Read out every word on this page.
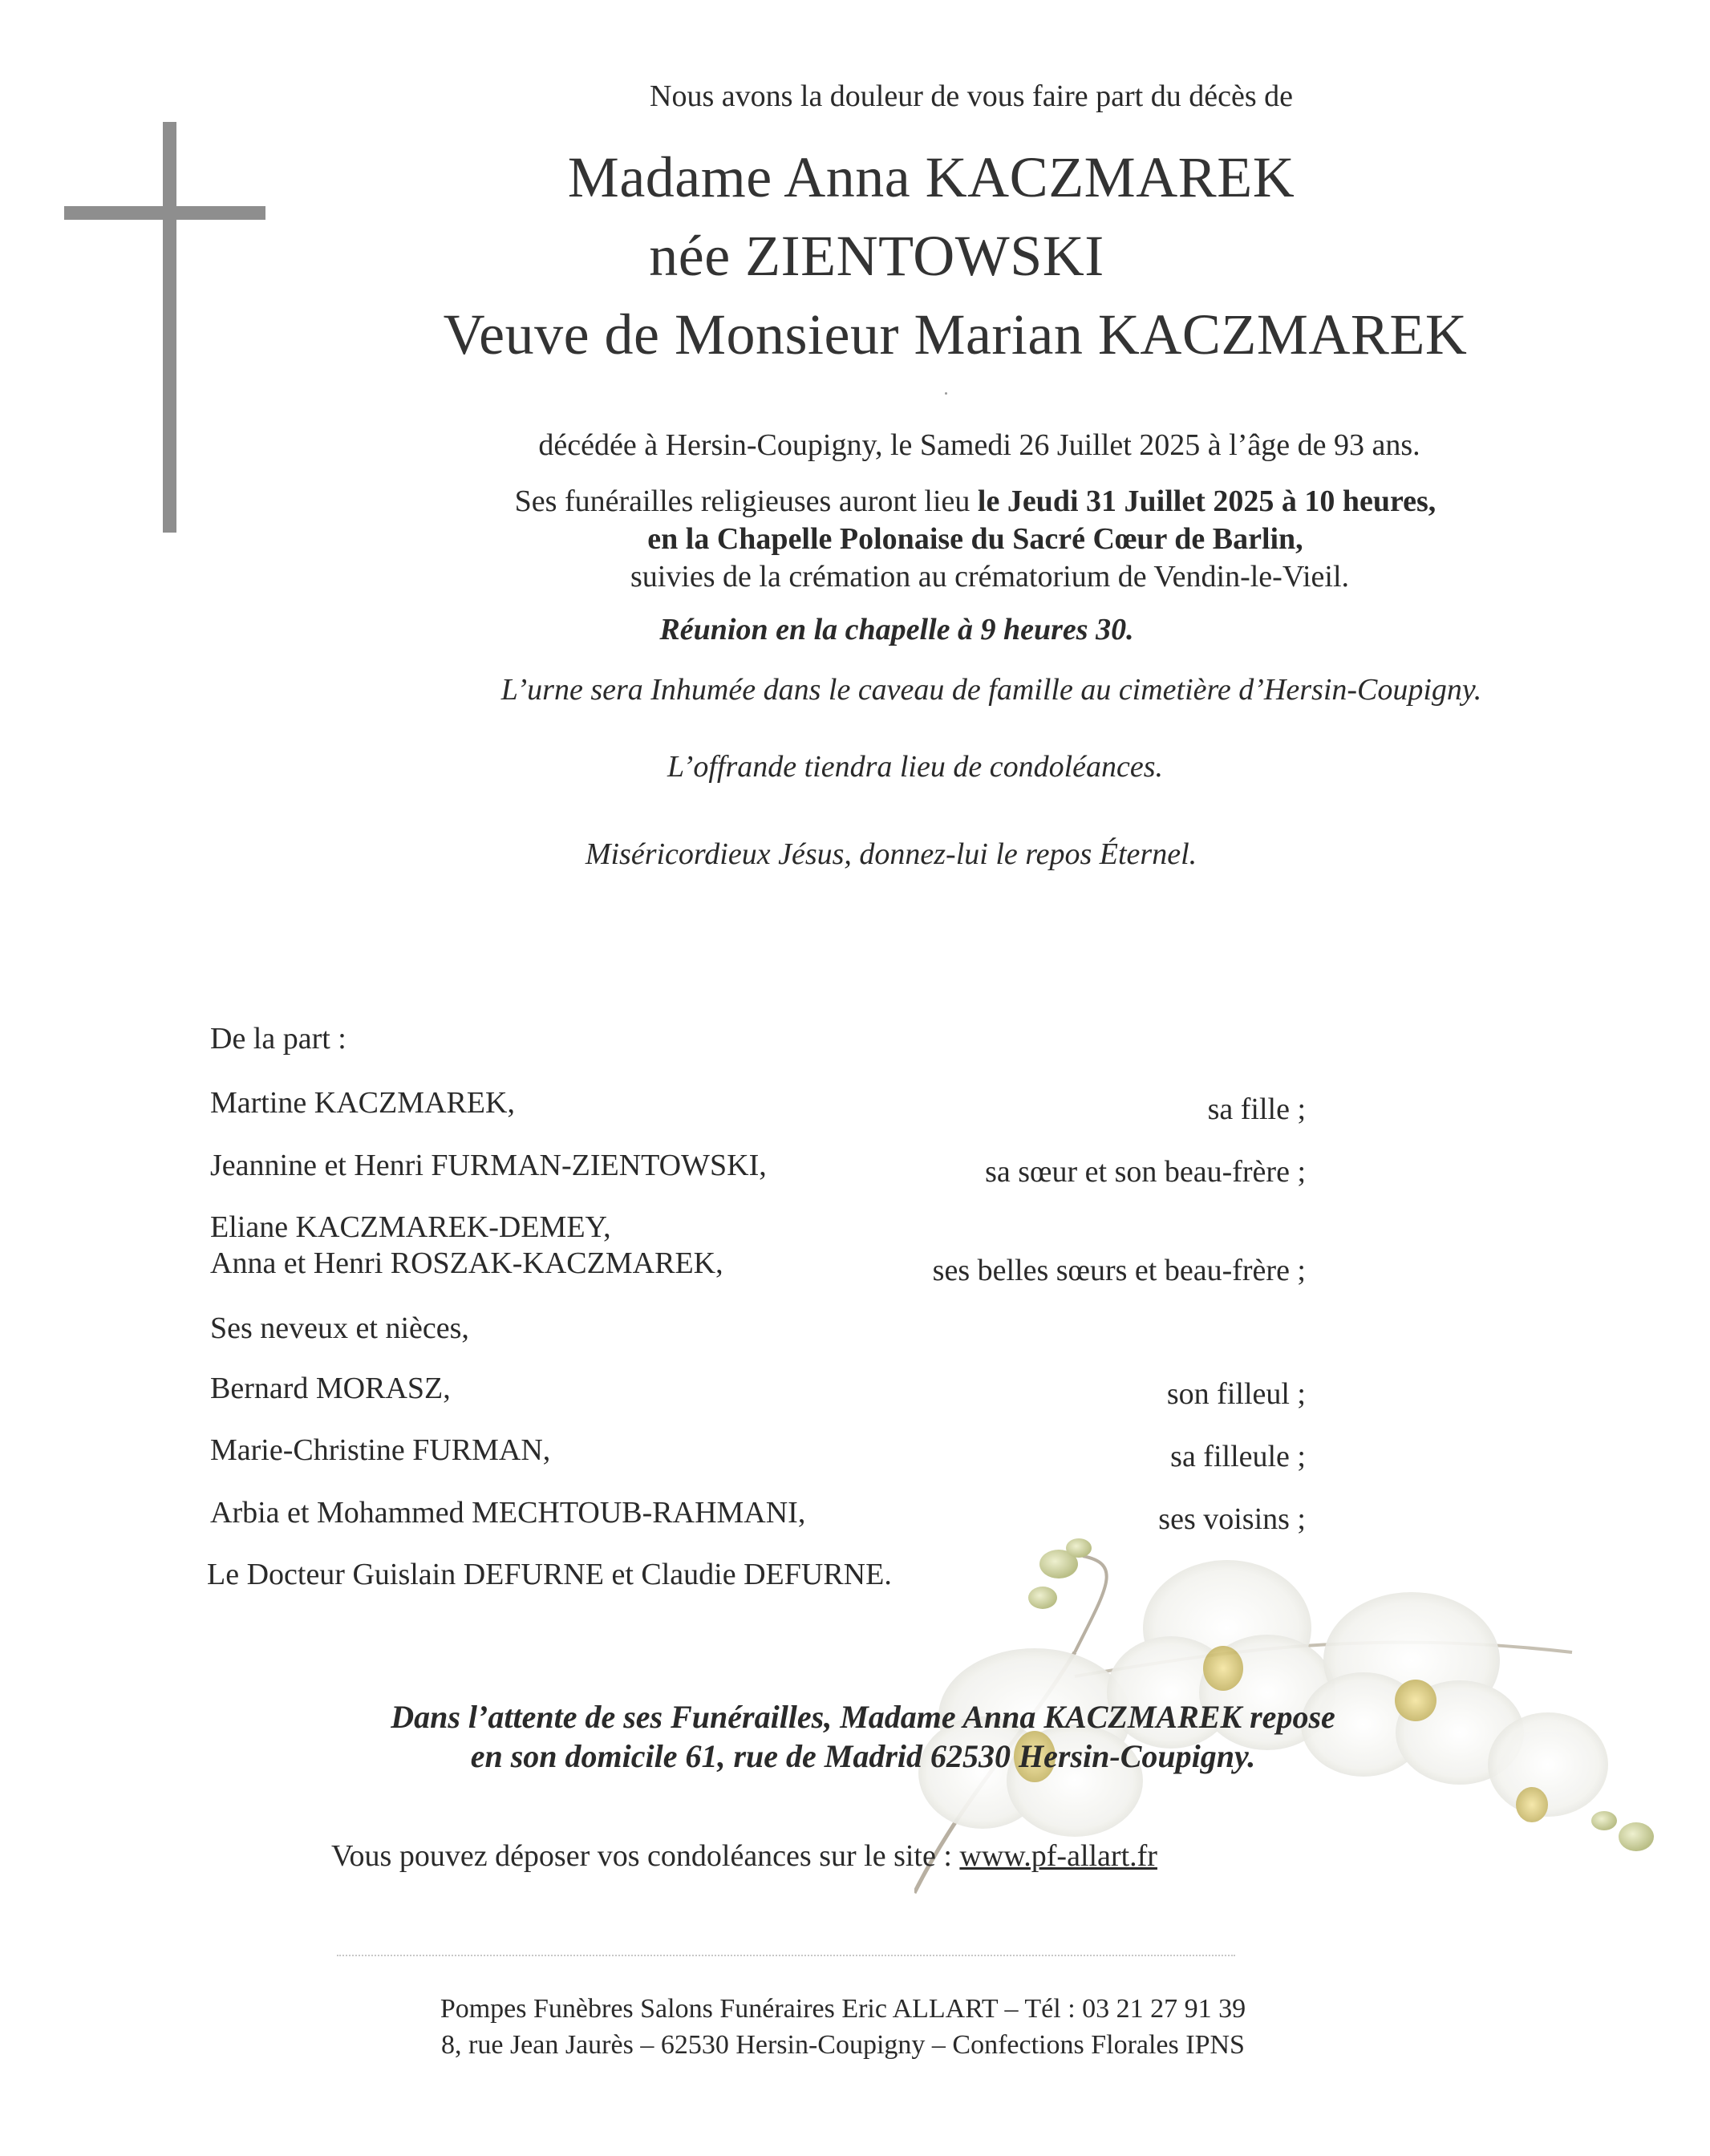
Nous avons la douleur de vous faire part du décès de
Madame Anna KACZMAREK
née ZIENTOWSKI
Veuve de Monsieur Marian KACZMAREK
décédée à Hersin-Coupigny, le Samedi 26 Juillet 2025 à l’âge de 93 ans.
Ses funérailles religieuses auront lieu le Jeudi 31 Juillet 2025 à 10 heures,
en la Chapelle Polonaise du Sacré Cœur de Barlin,
suivies de la crémation au crématorium de Vendin-le-Vieil.
Réunion en la chapelle à 9 heures 30.
L’urne sera Inhumée dans le caveau de famille au cimetière d’Hersin-Coupigny.
L’offrande tiendra lieu de condoléances.
Miséricordieux Jésus, donnez-lui le repos Éternel.
De la part :
Martine KACZMAREK,	sa fille ;
Jeannine et Henri FURMAN-ZIENTOWSKI,	sa sœur et son beau-frère ;
Eliane KACZMAREK-DEMEY,
Anna et Henri ROSZAK-KACZMAREK,	ses belles sœurs et beau-frère ;
Ses neveux et nièces,
Bernard MORASZ,	son filleul ;
Marie-Christine FURMAN,	sa filleule ;
Arbia et Mohammed MECHTOUB-RAHMANI,	ses voisins ;
Le Docteur Guislain DEFURNE et Claudie DEFURNE.
Dans l’attente de ses Funérailles, Madame Anna KACZMAREK repose
en son domicile 61, rue de Madrid 62530 Hersin-Coupigny.
Vous pouvez déposer vos condoléances sur le site : www.pf-allart.fr
Pompes Funèbres Salons Funéraires Eric ALLART – Tél : 03 21 27 91 39
8, rue Jean Jaurès – 62530 Hersin-Coupigny – Confections Florales IPNS
